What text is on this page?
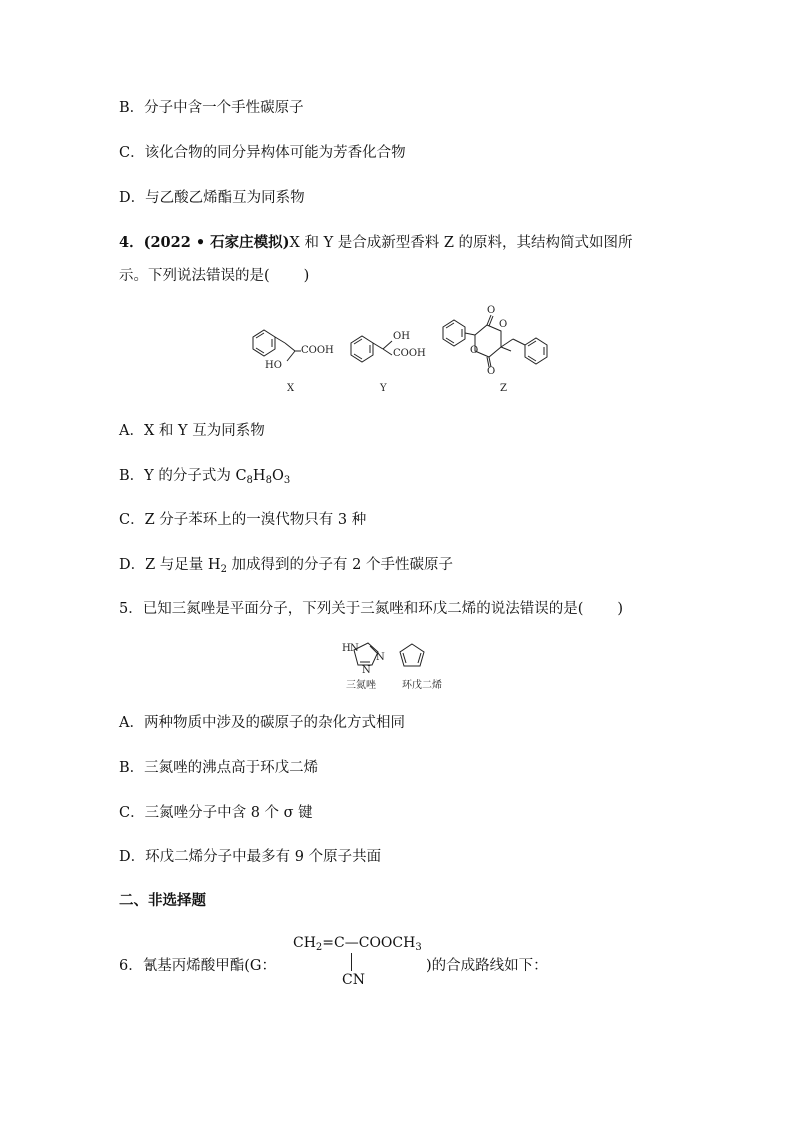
B．分子中含一个手性碳原子
C．该化合物的同分异构体可能为芳香化合物
D．与乙酸乙烯酯互为同系物
4．(2022 • 石家庄模拟)X 和 Y 是合成新型香料 Z 的原料，其结构简式如图所
示。下列说法错误的是( )
COOH
HO
OH
COOH
O
O
O
O
X	Y	Z
A．X 和 Y 互为同系物
B．Y 的分子式为 $C_8H_8O_3$
C．Z 分子苯环上的一溴代物只有 3 种
D．Z 与足量 $H_2$ 加成得到的分子有 2 个手性碳原子
5．已知三氮唑是平面分子，下列关于三氮唑和环戊二烯的说法错误的是( )
H N
N
N
三氮唑	环戊二烯
A．两种物质中涉及的碳原子的杂化方式相同
B．三氮唑的沸点高于环戊二烯
C．三氮唑分子中含 8 个 σ 键
D．环戊二烯分子中最多有 9 个原子共面
二、非选择题
6．氰基丙烯酸甲酯(G：	)的合成路线如下：
$CH_2=C—COOCH_3$
CN
